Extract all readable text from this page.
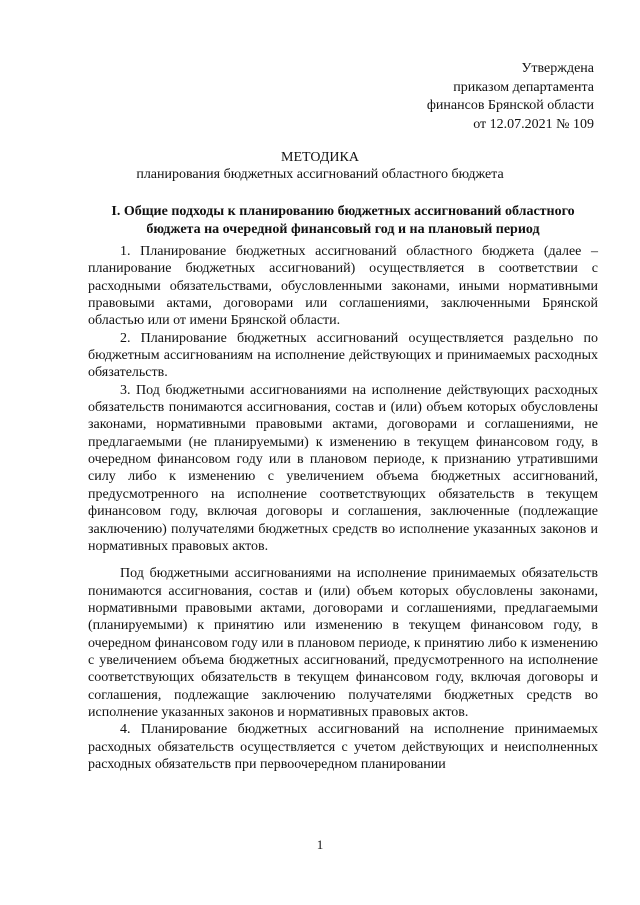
Утверждена
приказом департамента
финансов Брянской области
от 12.07.2021 № 109
МЕТОДИКА
планирования бюджетных ассигнований областного бюджета
I. Общие подходы к планированию бюджетных ассигнований областного бюджета на очередной финансовый год и на плановый период

1. Планирование бюджетных ассигнований областного бюджета (далее – планирование бюджетных ассигнований) осуществляется в соответствии с расходными обязательствами, обусловленными законами, иными нормативными правовыми актами, договорами или соглашениями, заключенными Брянской областью или от имени Брянской области.

2. Планирование бюджетных ассигнований осуществляется раздельно по бюджетным ассигнованиям на исполнение действующих и принимаемых расходных обязательств.

3. Под бюджетными ассигнованиями на исполнение действующих расходных обязательств понимаются ассигнования, состав и (или) объем которых обусловлены законами, нормативными правовыми актами, договорами и соглашениями, не предлагаемыми (не планируемыми) к изменению в текущем финансовом году, в очередном финансовом году или в плановом периоде, к признанию утратившими силу либо к изменению с увеличением объема бюджетных ассигнований, предусмотренного на исполнение соответствующих обязательств в текущем финансовом году, включая договоры и соглашения, заключенные (подлежащие заключению) получателями бюджетных средств во исполнение указанных законов и нормативных правовых актов.

Под бюджетными ассигнованиями на исполнение принимаемых обязательств понимаются ассигнования, состав и (или) объем которых обусловлены законами, нормативными правовыми актами, договорами и соглашениями, предлагаемыми (планируемыми) к принятию или изменению в текущем финансовом году, в очередном финансовом году или в плановом периоде, к принятию либо к изменению с увеличением объема бюджетных ассигнований, предусмотренного на исполнение соответствующих обязательств в текущем финансовом году, включая договоры и соглашения, подлежащие заключению получателями бюджетных средств во исполнение указанных законов и нормативных правовых актов.

4. Планирование бюджетных ассигнований на исполнение принимаемых расходных обязательств осуществляется с учетом действующих и неисполненных расходных обязательств при первоочередном планировании

1
